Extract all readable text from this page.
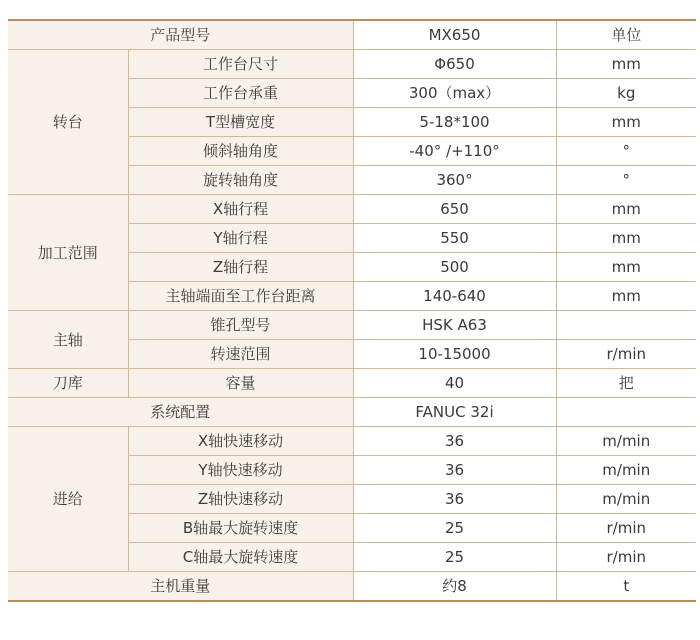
产品型号		MX650	单位
转台	工作台尺寸	Φ650	mm
	工作台承重	300（max）	kg
	T型槽宽度	5-18*100	mm
	倾斜轴角度	-40° /+110°	°
	旋转轴角度	360°	°
加工范围	X轴行程	650	mm
	Y轴行程	550	mm
	Z轴行程	500	mm
	主轴端面至工作台距离	140-640	mm
主轴	锥孔型号	HSK A63	
	转速范围	10-15000	r/min
刀库	容量	40	把
系统配置		FANUC 32i	
进给	X轴快速移动	36	m/min
	Y轴快速移动	36	m/min
	Z轴快速移动	36	m/min
	B轴最大旋转速度	25	r/min
	C轴最大旋转速度	25	r/min
主机重量		约8	t
